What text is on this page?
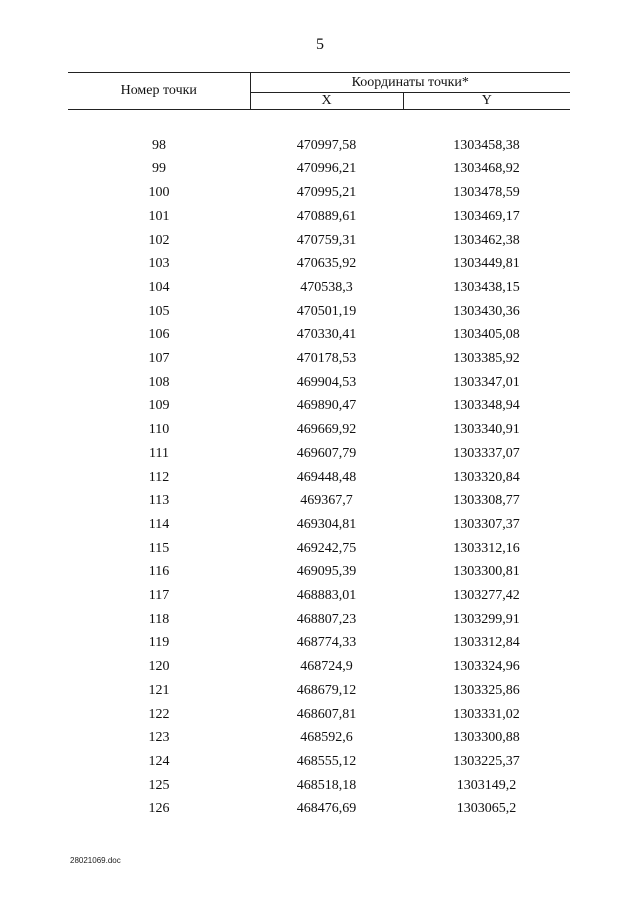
5
Номер точки	Координаты точки*	
	X	Y

98	470997,58	1303458,38
99	470996,21	1303468,92
100	470995,21	1303478,59
101	470889,61	1303469,17
102	470759,31	1303462,38
103	470635,92	1303449,81
104	470538,3	1303438,15
105	470501,19	1303430,36
106	470330,41	1303405,08
107	470178,53	1303385,92
108	469904,53	1303347,01
109	469890,47	1303348,94
110	469669,92	1303340,91
111	469607,79	1303337,07
112	469448,48	1303320,84
113	469367,7	1303308,77
114	469304,81	1303307,37
115	469242,75	1303312,16
116	469095,39	1303300,81
117	468883,01	1303277,42
118	468807,23	1303299,91
119	468774,33	1303312,84
120	468724,9	1303324,96
121	468679,12	1303325,86
122	468607,81	1303331,02
123	468592,6	1303300,88
124	468555,12	1303225,37
125	468518,18	1303149,2
126	468476,69	1303065,2
28021069.doc
